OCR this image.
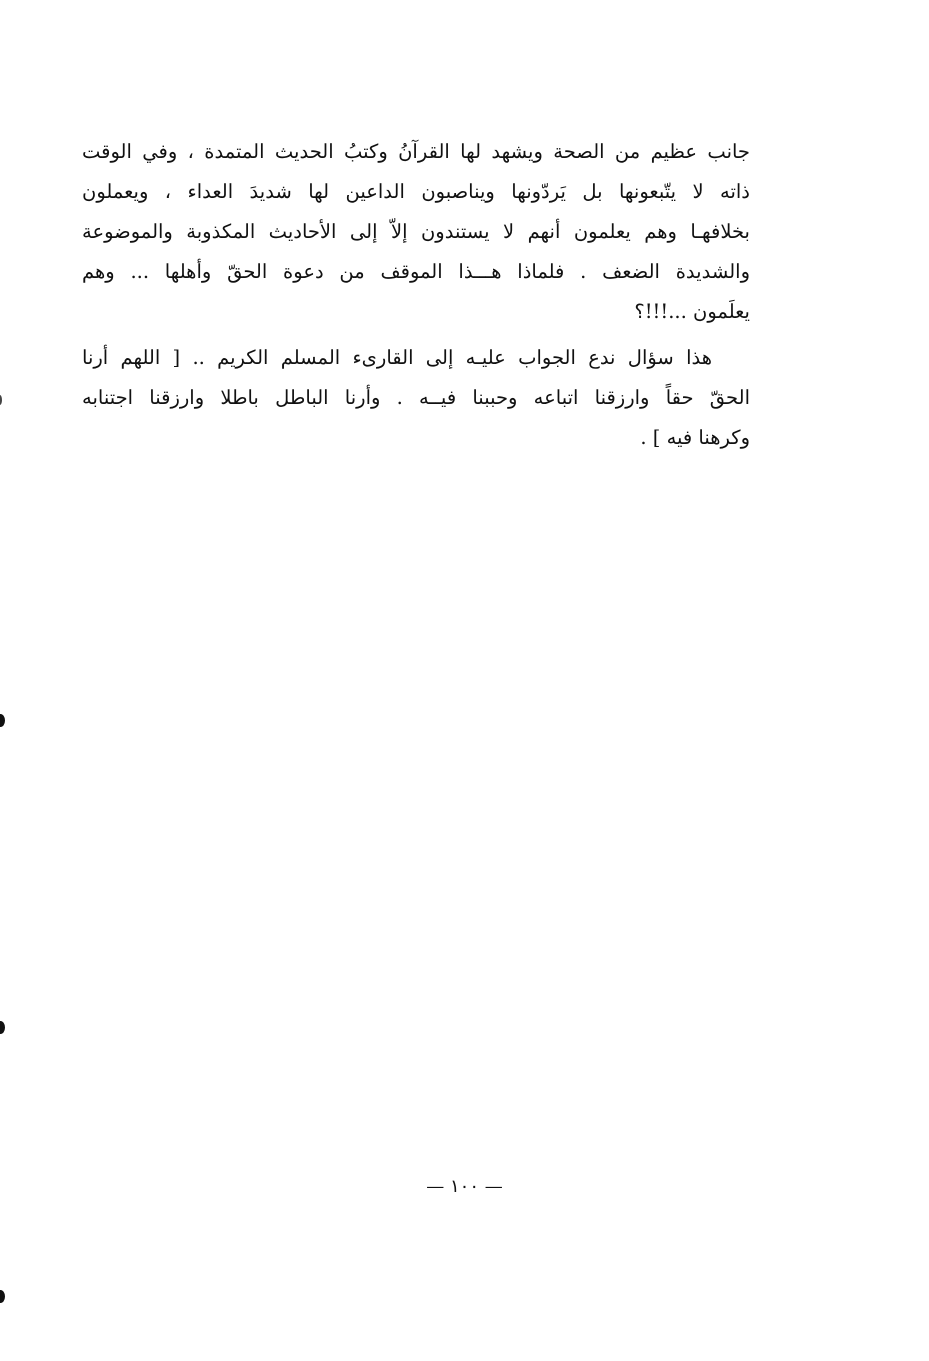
جانب عظيم من الصحة ويشهد لها القرآنُ وكتبُ الحديث المتمدة ، وفي الوقت
ذاته لا يتّبعونها بل يَردّونها ويناصبون الداعين لها شديدَ العداء ، ويعملون
بخلافهـا وهم يعلمون أنهم لا يستندون إلاّ إلى الأحاديث المكذوبة والموضوعة
والشديدة الضعف . فلماذا هـــذا الموقف من دعوة الحقّ وأهلها ... وهم
يعلَمون ...!!!؟

هذا سؤال ندع الجواب عليـه إلى القارىء المسلم الكريم .. [ اللهم أرنا
الحقّ حقاً وارزقنا اتباعه وحببنا فيــه . وأرنا الباطل باطلا وارزقنا اجتنابه
وكرهنا فيه ] .

— ١٠٠ —
